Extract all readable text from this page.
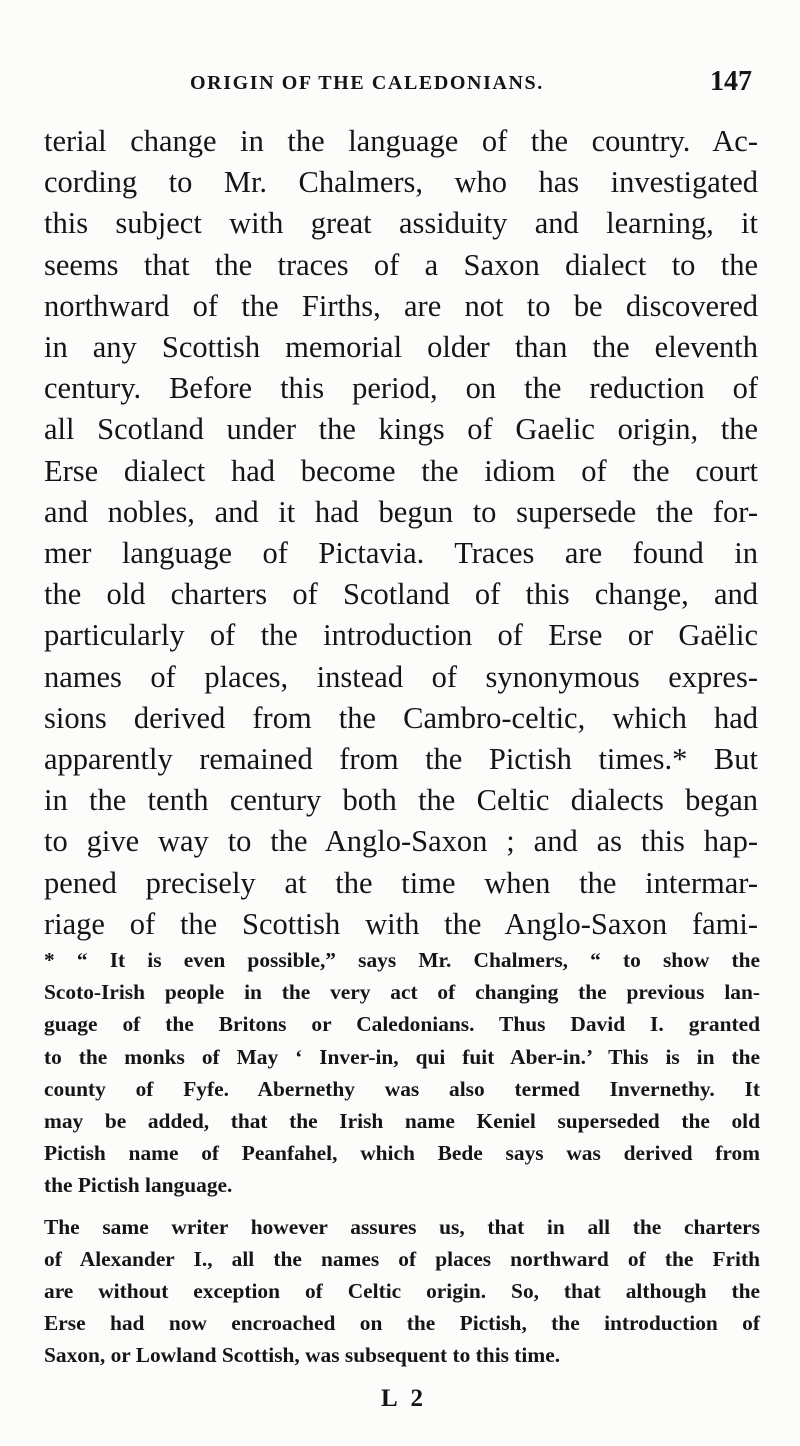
ORIGIN OF THE CALEDONIANS.	147
terial change in the language of the country. Ac-
cording to Mr. Chalmers, who has investigated
this subject with great assiduity and learning, it
seems that the traces of a Saxon dialect to the
northward of the Firths, are not to be discovered
in any Scottish memorial older than the eleventh
century. Before this period, on the reduction of
all Scotland under the kings of Gaelic origin, the
Erse dialect had become the idiom of the court
and nobles, and it had begun to supersede the for-
mer language of Pictavia. Traces are found in
the old charters of Scotland of this change, and
particularly of the introduction of Erse or Gaëlic
names of places, instead of synonymous expres-
sions derived from the Cambro-celtic, which had
apparently remained from the Pictish times.* But
in the tenth century both the Celtic dialects began
to give way to the Anglo-Saxon ; and as this hap-
pened precisely at the time when the intermar-
riage of the Scottish with the Anglo-Saxon fami-
* “ It is even possible,” says Mr. Chalmers, “ to show the
Scoto-Irish people in the very act of changing the previous lan-
guage of the Britons or Caledonians. Thus David I. granted
to the monks of May ‘ Inver-in, qui fuit Aber-in.’ This is in the
county of Fyfe. Abernethy was also termed Invernethy. It
may be added, that the Irish name Keniel superseded the old
Pictish name of Peanfahel, which Bede says was derived from
the Pictish language.
The same writer however assures us, that in all the charters
of Alexander I., all the names of places northward of the Frith
are without exception of Celtic origin. So, that although the
Erse had now encroached on the Pictish, the introduction of
Saxon, or Lowland Scottish, was subsequent to this time.
L 2
